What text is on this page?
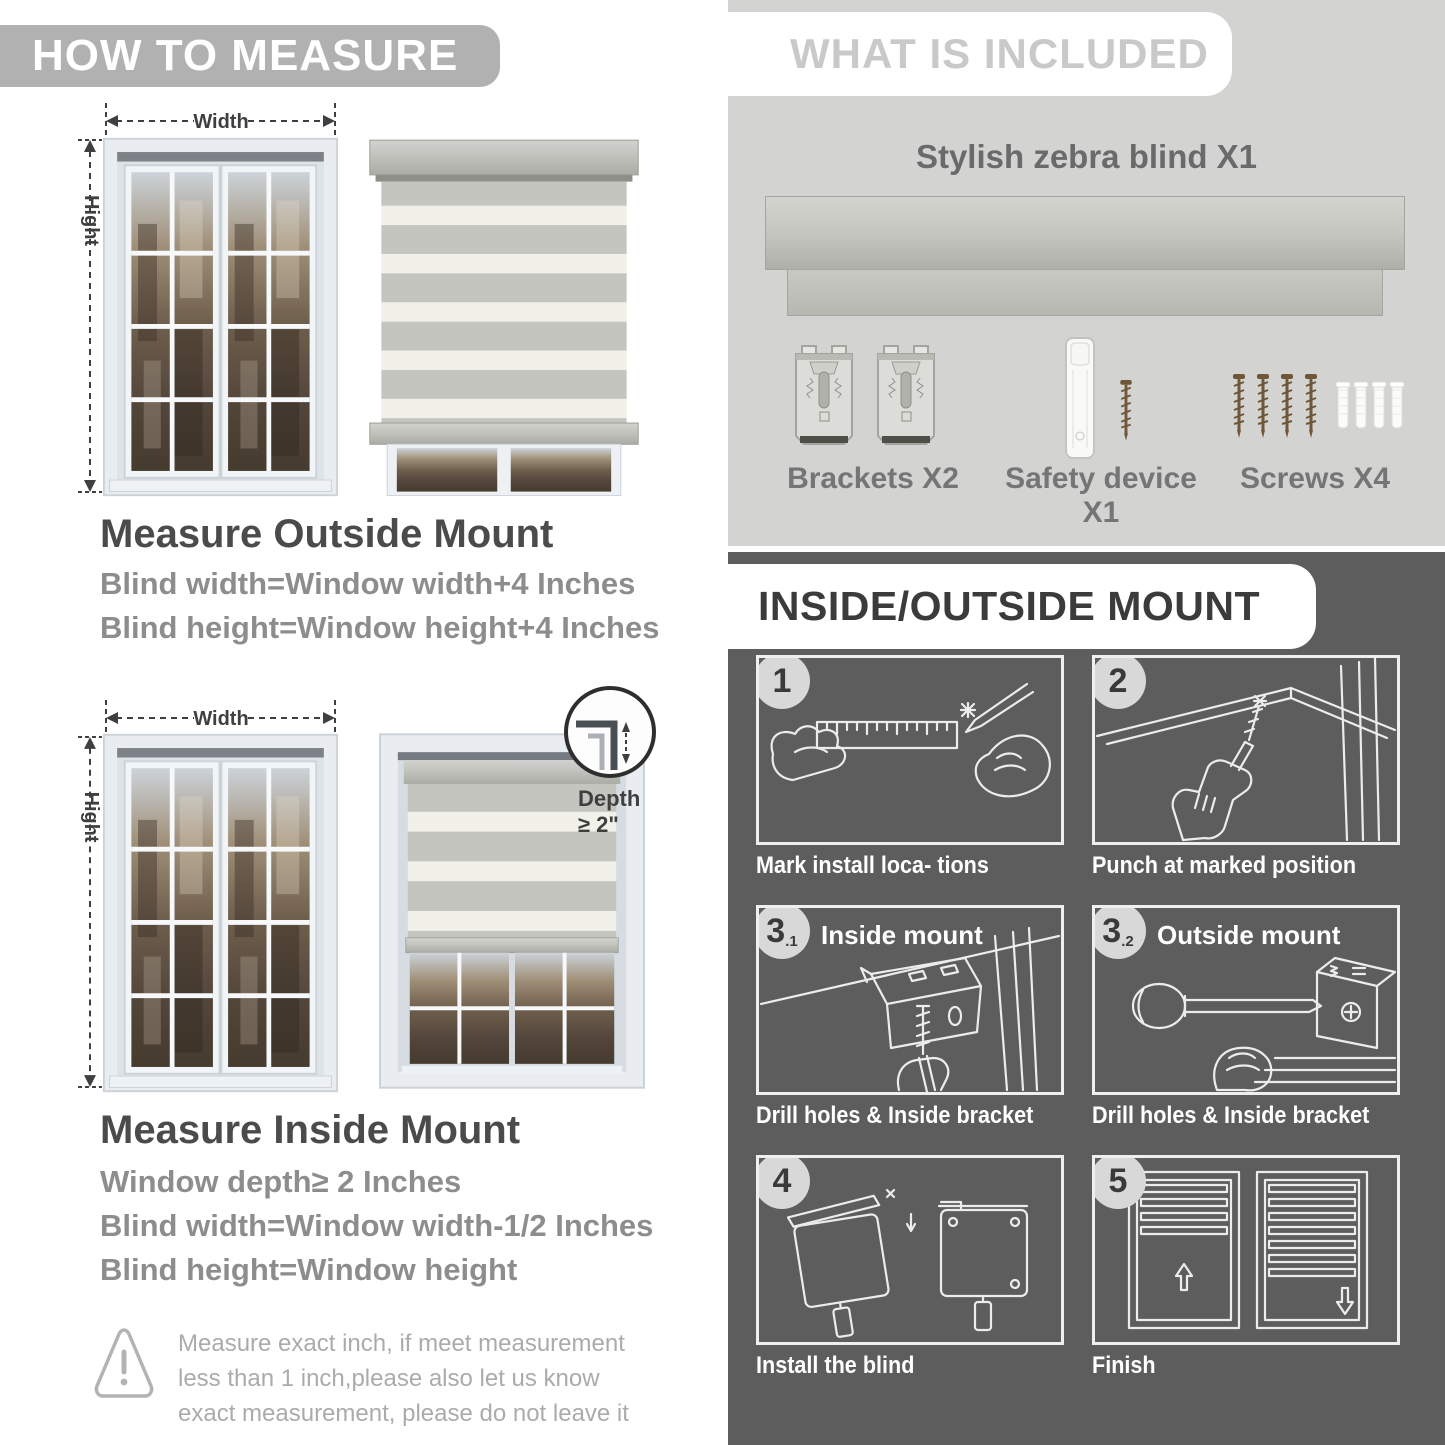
HOW TO MEASURE
Width
Hight
Measure Outside Mount
Blind width=Window width+4 Inches
Blind height=Window height+4 Inches
Width
Hight	Depth ≥ 2"
Measure Inside Mount
Window depth≥ 2 Inches
Blind width=Window width-1/2 Inches
Blind height=Window height
Measure exact inch, if meet measurement less than 1 inch,please also let us know exact measurement, please do not leave it
WHAT IS INCLUDED
Stylish zebra blind X1
Brackets X2	Safety device X1
Screws X4
INSIDE/OUTSIDE MOUNT
1	2
3 .1 Inside mount	3 .2 Outside mount
4	5
Mark install loca- tions	Punch at marked position
Drill holes & Inside bracket Drill holes & Inside bracket
Install the blind	Finish
